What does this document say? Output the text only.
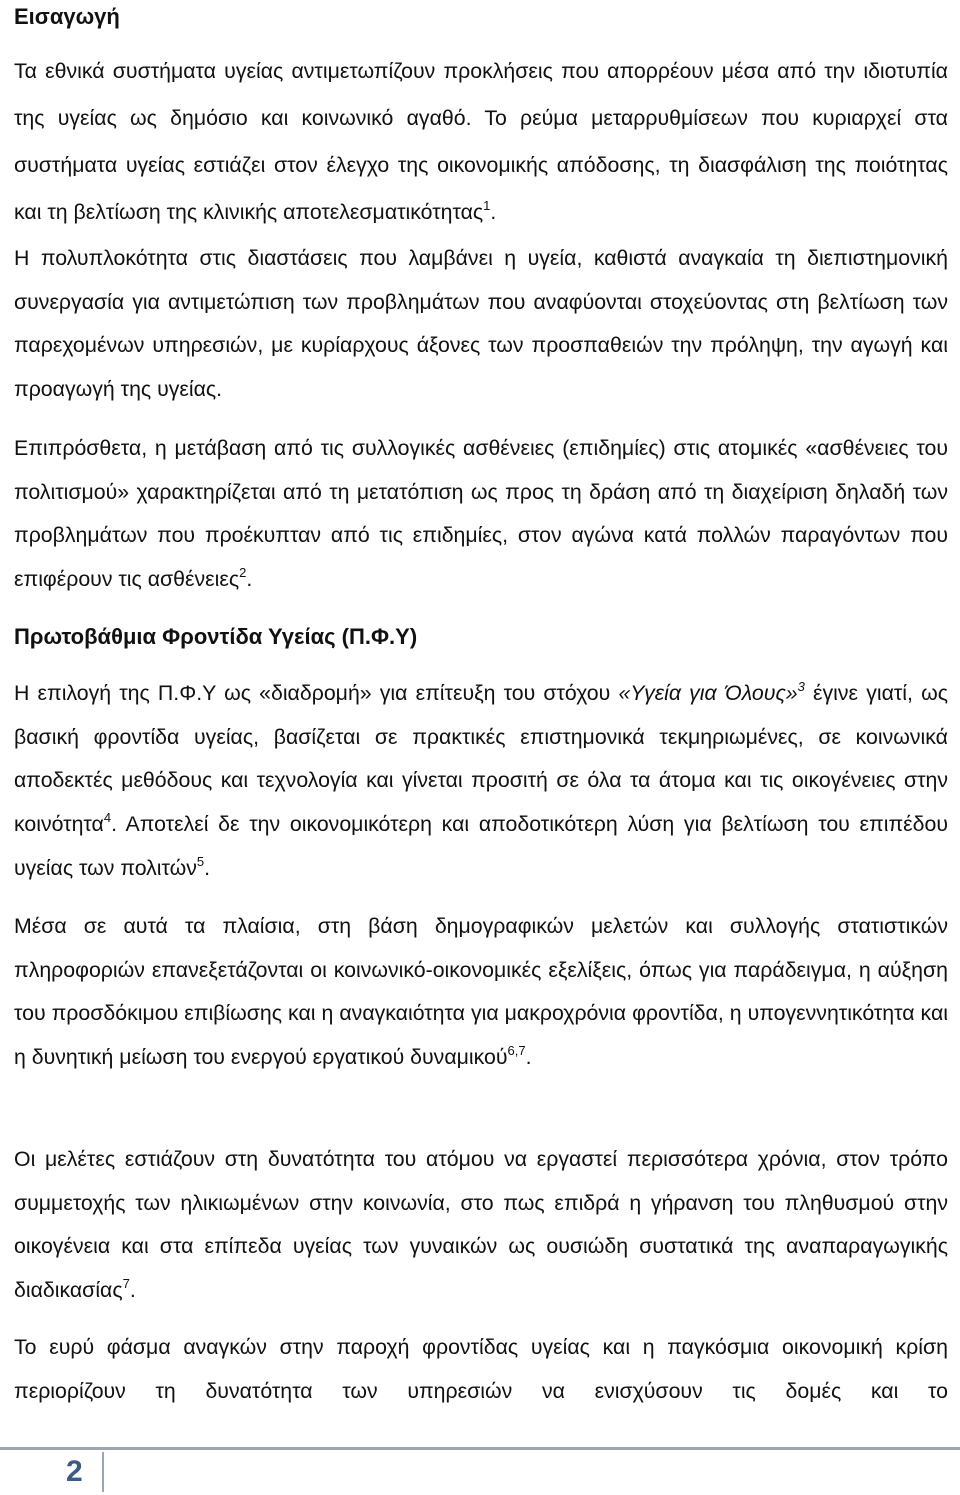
Εισαγωγή

Τα εθνικά συστήματα υγείας αντιμετωπίζουν προκλήσεις που απορρέουν μέσα από την ιδιοτυπία της υγείας ως δημόσιο και κοινωνικό αγαθό. Το ρεύμα μεταρρυθμίσεων που κυριαρχεί στα συστήματα υγείας εστιάζει στον έλεγχο της οικονομικής απόδοσης, τη διασφάλιση της ποιότητας και τη βελτίωση της κλινικής αποτελεσματικότητας$^1$.

Η πολυπλοκότητα στις διαστάσεις που λαμβάνει η υγεία, καθιστά αναγκαία τη διεπιστημονική συνεργασία για αντιμετώπιση των προβλημάτων που αναφύονται στοχεύοντας στη βελτίωση των παρεχομένων υπηρεσιών, με κυρίαρχους άξονες των προσπαθειών την πρόληψη, την αγωγή και προαγωγή της υγείας.

Επιπρόσθετα, η μετάβαση από τις συλλογικές ασθένειες (επιδημίες) στις ατομικές «ασθένειες του πολιτισμού» χαρακτηρίζεται από τη μετατόπιση ως προς τη δράση από τη διαχείριση δηλαδή των προβλημάτων που προέκυπταν από τις επιδημίες, στον αγώνα κατά πολλών παραγόντων που επιφέρουν τις ασθένειες$^2$.

Πρωτοβάθμια Φροντίδα Υγείας (Π.Φ.Υ)

Η επιλογή της Π.Φ.Υ ως «διαδρομή» για επίτευξη του στόχου «Υγεία για Όλους»$^3$ έγινε γιατί, ως βασική φροντίδα υγείας, βασίζεται σε πρακτικές επιστημονικά τεκμηριωμένες, σε κοινωνικά αποδεκτές μεθόδους και τεχνολογία και γίνεται προσιτή σε όλα τα άτομα και τις οικογένειες στην κοινότητα$^4$. Αποτελεί δε την οικονομικότερη και αποδοτικότερη λύση για βελτίωση του επιπέδου υγείας των πολιτών$^5$.

Μέσα σε αυτά τα πλαίσια, στη βάση δημογραφικών μελετών και συλλογής στατιστικών πληροφοριών επανεξετάζονται οι κοινωνικό-οικονομικές εξελίξεις, όπως για παράδειγμα, η αύξηση του προσδόκιμου επιβίωσης και η αναγκαιότητα για μακροχρόνια φροντίδα, η υπογεννητικότητα και η δυνητική μείωση του ενεργού εργατικού δυναμικού$^{6,7}$.

Οι μελέτες εστιάζουν στη δυνατότητα του ατόμου να εργαστεί περισσότερα χρόνια, στον τρόπο συμμετοχής των ηλικιωμένων στην κοινωνία, στο πως επιδρά η γήρανση του πληθυσμού στην οικογένεια και στα επίπεδα υγείας των γυναικών ως ουσιώδη συστατικά της αναπαραγωγικής διαδικασίας$^7$.

Το ευρύ φάσμα αναγκών στην παροχή φροντίδας υγείας και η παγκόσμια οικονομική κρίση περιορίζουν τη δυνατότητα των υπηρεσιών να ενισχύσουν τις δομές και το

2
